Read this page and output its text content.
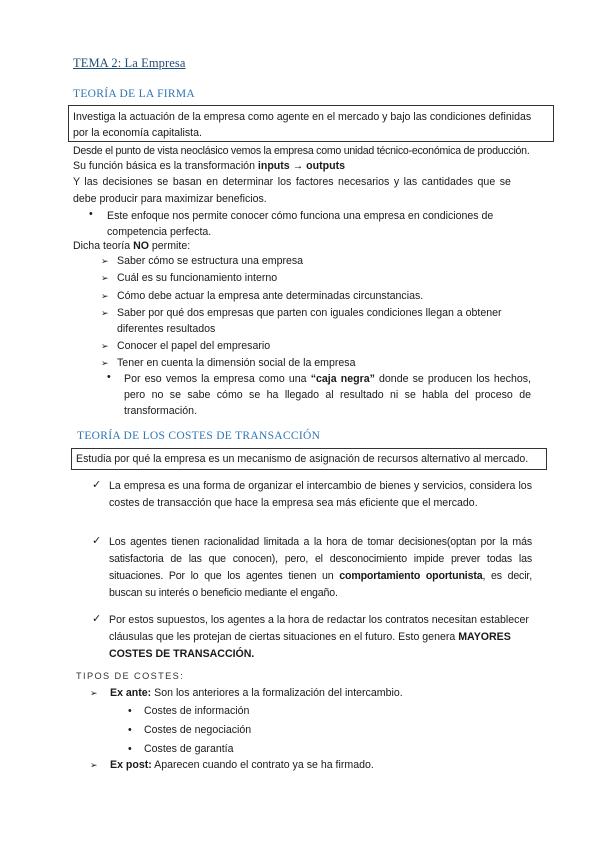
TEMA 2: La Empresa
TEORÍA DE LA FIRMA
Investiga la actuación de la empresa como agente en el mercado y bajo las condiciones definidas por la economía capitalista.
Desde el punto de vista neoclásico vemos la empresa como unidad técnico-económica de producción.
Su función básica es la transformación inputs → outputs
Y las decisiones se basan en determinar los factores necesarios y las cantidades que se
debe producir para maximizar beneficios.
•	Este enfoque nos permite conocer cómo funciona una empresa en condiciones de competencia perfecta.
Dicha teoría NO permite:
➢ Saber cómo se estructura una empresa
➢ Cuál es su funcionamiento interno
➢ Cómo debe actuar la empresa ante determinadas circunstancias.
➢ Saber por qué dos empresas que parten con iguales condiciones llegan a obtener diferentes resultados
➢ Conocer el papel del empresario
➢ Tener en cuenta la dimensión social de la empresa
•	Por eso vemos la empresa como una “caja negra” donde se producen los hechos, pero no se sabe cómo se ha llegado al resultado ni se habla del proceso de transformación.
TEORÍA DE LOS COSTES DE TRANSACCIÓN
Estudia por qué la empresa es un mecanismo de asignación de recursos alternativo al mercado.
✓ La empresa es una forma de organizar el intercambio de bienes y servicios, considera los costes de transacción que hace la empresa sea más eficiente que el mercado.
✓ Los agentes tienen racionalidad limitada a la hora de tomar decisiones(optan por la más satisfactoria de las que conocen), pero, el desconocimiento impide prever todas las situaciones. Por lo que los agentes tienen un comportamiento oportunista, es decir, buscan su interés o beneficio mediante el engaño.
✓ Por estos supuestos, los agentes a la hora de redactar los contratos necesitan establecer cláusulas que les protejan de ciertas situaciones en el futuro. Esto genera MAYORES COSTES DE TRANSACCIÓN.
TIPOS DE COSTES:
➢ Ex ante: Son los anteriores a la formalización del intercambio.
• Costes de información
• Costes de negociación
• Costes de garantía
➢ Ex post: Aparecen cuando el contrato ya se ha firmado.
